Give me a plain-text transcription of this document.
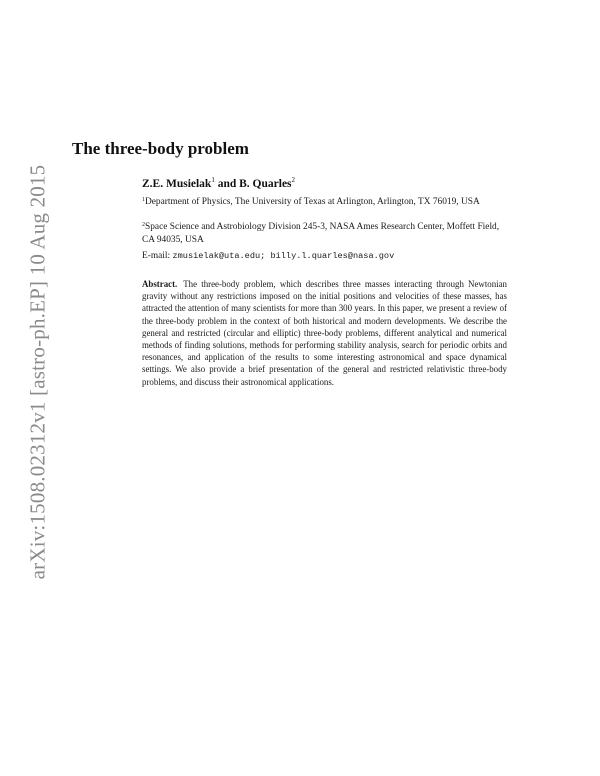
arXiv:1508.02312v1 [astro-ph.EP] 10 Aug 2015
The three-body problem
Z.E. Musielak$^1$ and B. Quarles$^2$
$^1$Department of Physics, The University of Texas at Arlington, Arlington, TX 76019, USA
$^2$Space Science and Astrobiology Division 245-3, NASA Ames Research Center, Moffett Field, CA 94035, USA
E-mail: zmusielak@uta.edu; billy.l.quarles@nasa.gov
Abstract. The three-body problem, which describes three masses interacting through Newtonian gravity without any restrictions imposed on the initial positions and velocities of these masses, has attracted the attention of many scientists for more than 300 years. In this paper, we present a review of the three-body problem in the context of both historical and modern developments. We describe the general and restricted (circular and elliptic) three-body problems, different analytical and numerical methods of finding solutions, methods for performing stability analysis, search for periodic orbits and resonances, and application of the results to some interesting astronomical and space dynamical settings. We also provide a brief presentation of the general and restricted relativistic three-body problems, and discuss their astronomical applications.
